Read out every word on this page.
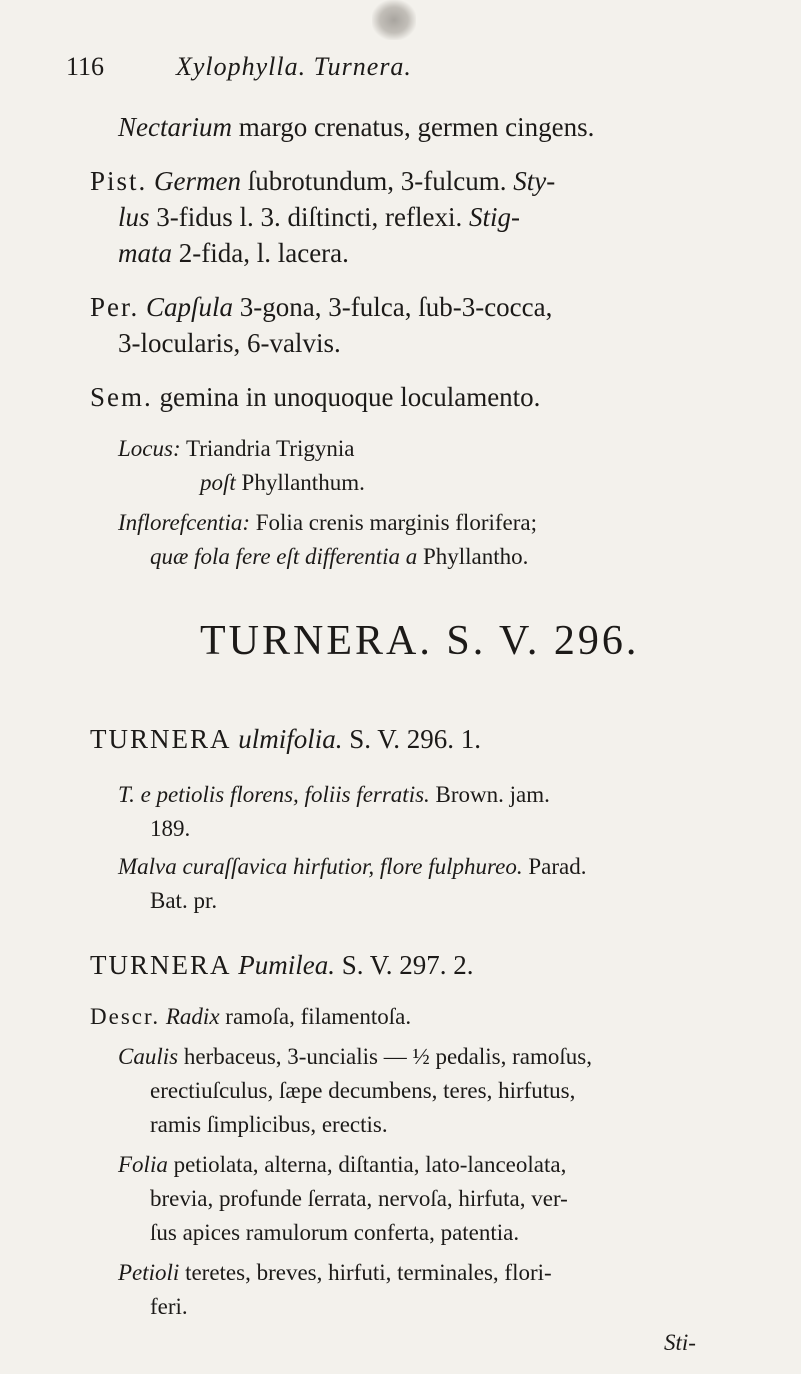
116	Xylophylla. Turnera.
Nectarium margo crenatus, germen cingens.
Pist. Germen ſubrotundum, 3-fulcum. Sty-
lus 3-fidus l. 3. diſtincti, reflexi. Stig-
mata 2-fida, l. lacera.
Per. Capſula 3-gona, 3-fulca, ſub-3-cocca,
3-locularis, 6-valvis.
Sem. gemina in unoquoque loculamento.
Locus: Triandria Trigynia
poſt Phyllanthum.
Inflorefcentia: Folia crenis marginis florifera;
quæ fola fere eſt differentia a Phyllantho.
TURNERA. S. V. 296.
TURNERA ulmifolia. S. V. 296. 1.
T. e petiolis florens, foliis ferratis. Brown. jam.
189.
Malva curaſſavica hirfutior, flore fulphureo. Parad.
Bat. pr.
TURNERA Pumilea. S. V. 297. 2.
Descr. Radix ramoſa, filamentoſa.
Caulis herbaceus, 3-uncialis — ½ pedalis, ramoſus,
erectiuſculus, ſæpe decumbens, teres, hirfutus,
ramis ſimplicibus, erectis.
Folia petiolata, alterna, diſtantia, lato-lanceolata,
brevia, profunde ſerrata, nervoſa, hirfuta, ver-
ſus apices ramulorum conferta, patentia.
Petioli teretes, breves, hirfuti, terminales, flori-
feri.
Sti-
